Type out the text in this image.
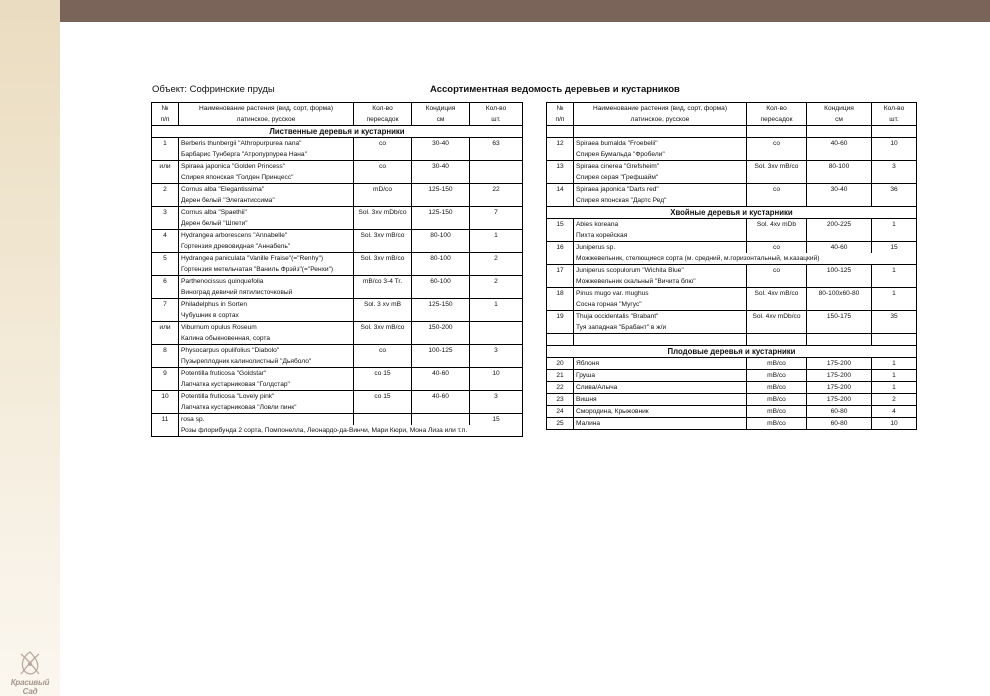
Красивый Сад
Объект: Софринские пруды	Ассортиментная ведомость деревьев и кустарников
№	Наименование растения (вид, сорт, форма)	Кол-во	Кондиция	Кол-во
п/п	латинское, русское	пересадок	см	шт.
Лиственные деревья и кустарники				
1	Berberis thunbergii "Athropurpurea nana"	co	30-40	63
	Барбарис Тунберга "Атропурпуреа Нана"			
или	Spiraea japonica "Golden Princess"	co	30-40	
	Спирея японская "Голден Принцесс"			
2	Cornus alba "Elegantissima"	mD/co	125-150	22
	Дерен белый "Элегантиссима"			
3	Cornus alba "Spaethii"	Sol. 3xv mDb/co	125-150	7
	Дерен белый "Шпети"			
4	Hydrangea arborescens "Annabelle"	Sol. 3xv mB/co	80-100	1
	Гортензия древовидная "Аннабель"			
5	Hydrangea paniculata "Vanille Fraise"(="Renhy")	Sol. 3xv mB/co	80-100	2
	Гортензия метельчатая "Ваниль Фрэйз"(="Ренхи")			
6	Parthenocissus quinquefolia	mB/co 3-4 Tr.	60-100	2
	Виноград девичий пятилисточковый			
7	Philadelphus in Sorten	Sol. 3 xv mB	125-150	1
	Чубушник в сортах			
или	Viburnum opulus Roseum	Sol. 3xv mB/co	150-200	
	Калина обыкновенная, сорта			
8	Physocarpus opulifolius "Diabolo"	co	100-125	3
	Пузыреплодник калинолистный "Дьяболо"			
9	Potentilla fruticosa "Goldstar"	co 15	40-60	10
	Лапчатка кустарниковая "Голдстар"			
10	Potentilla fruticosa "Lovely pink"	co 15	40-60	3
	Лапчатка кустарниковая "Ловли пинк"			
11	rosa sp.			15
	Розы флорибунда 2 сорта, Помпонелла, Леонардо-да-Винчи, Мари Кюри, Мона Лиза или т.п.			
№	Наименование растения (вид, сорт, форма)	Кол-во	Кондиция	Кол-во
п/п	латинское, русское	пересадок	см	шт.

12	Spiraea bumalda "Froebelii"	co	40-60	10
	Спирея Бумальда "Фробели"			
13	Spiraea cinerea "Grefsheim"	Sol. 3xv mB/co	80-100	3
	Спирея серая "Грефшайм"			
14	Spiraea japonica "Darts red"	co	30-40	36
	Спирея японская "Дартс Ред"			
Хвойные деревья и кустарники				
15	Abies koreana	Sol. 4xv mDb	200-225	1
	Пихта корейская			
16	Juniperus sp.	co	40-60	15
	Можжевельник, стелющиеся сорта (м. средний, м.горизонтальный, м.казацкий)			
17	Juniperus scopulorum "Wichita Blue"	co	100-125	1
	Можжевельник скальный "Вичита блю"			
18	Pinus mugo var. mughus	Sol. 4xv mB/co	80-100x60-80	1
	Сосна горная "Мугус"			
19	Thuja occidentalis "Brabant"	Sol. 4xv mDb/co	150-175	35
	Туя западная "Брабант" в ж/и			

Плодовые деревья и кустарники				
20	Яблоня	mB/co	175-200	1
21	Груша	mB/co	175-200	1
22	Слива/Алыча	mB/co	175-200	1
23	Вишня	mB/co	175-200	2
24	Смородина, Крыжовник	mB/co	60-80	4
25	Малина	mB/co	60-80	10
